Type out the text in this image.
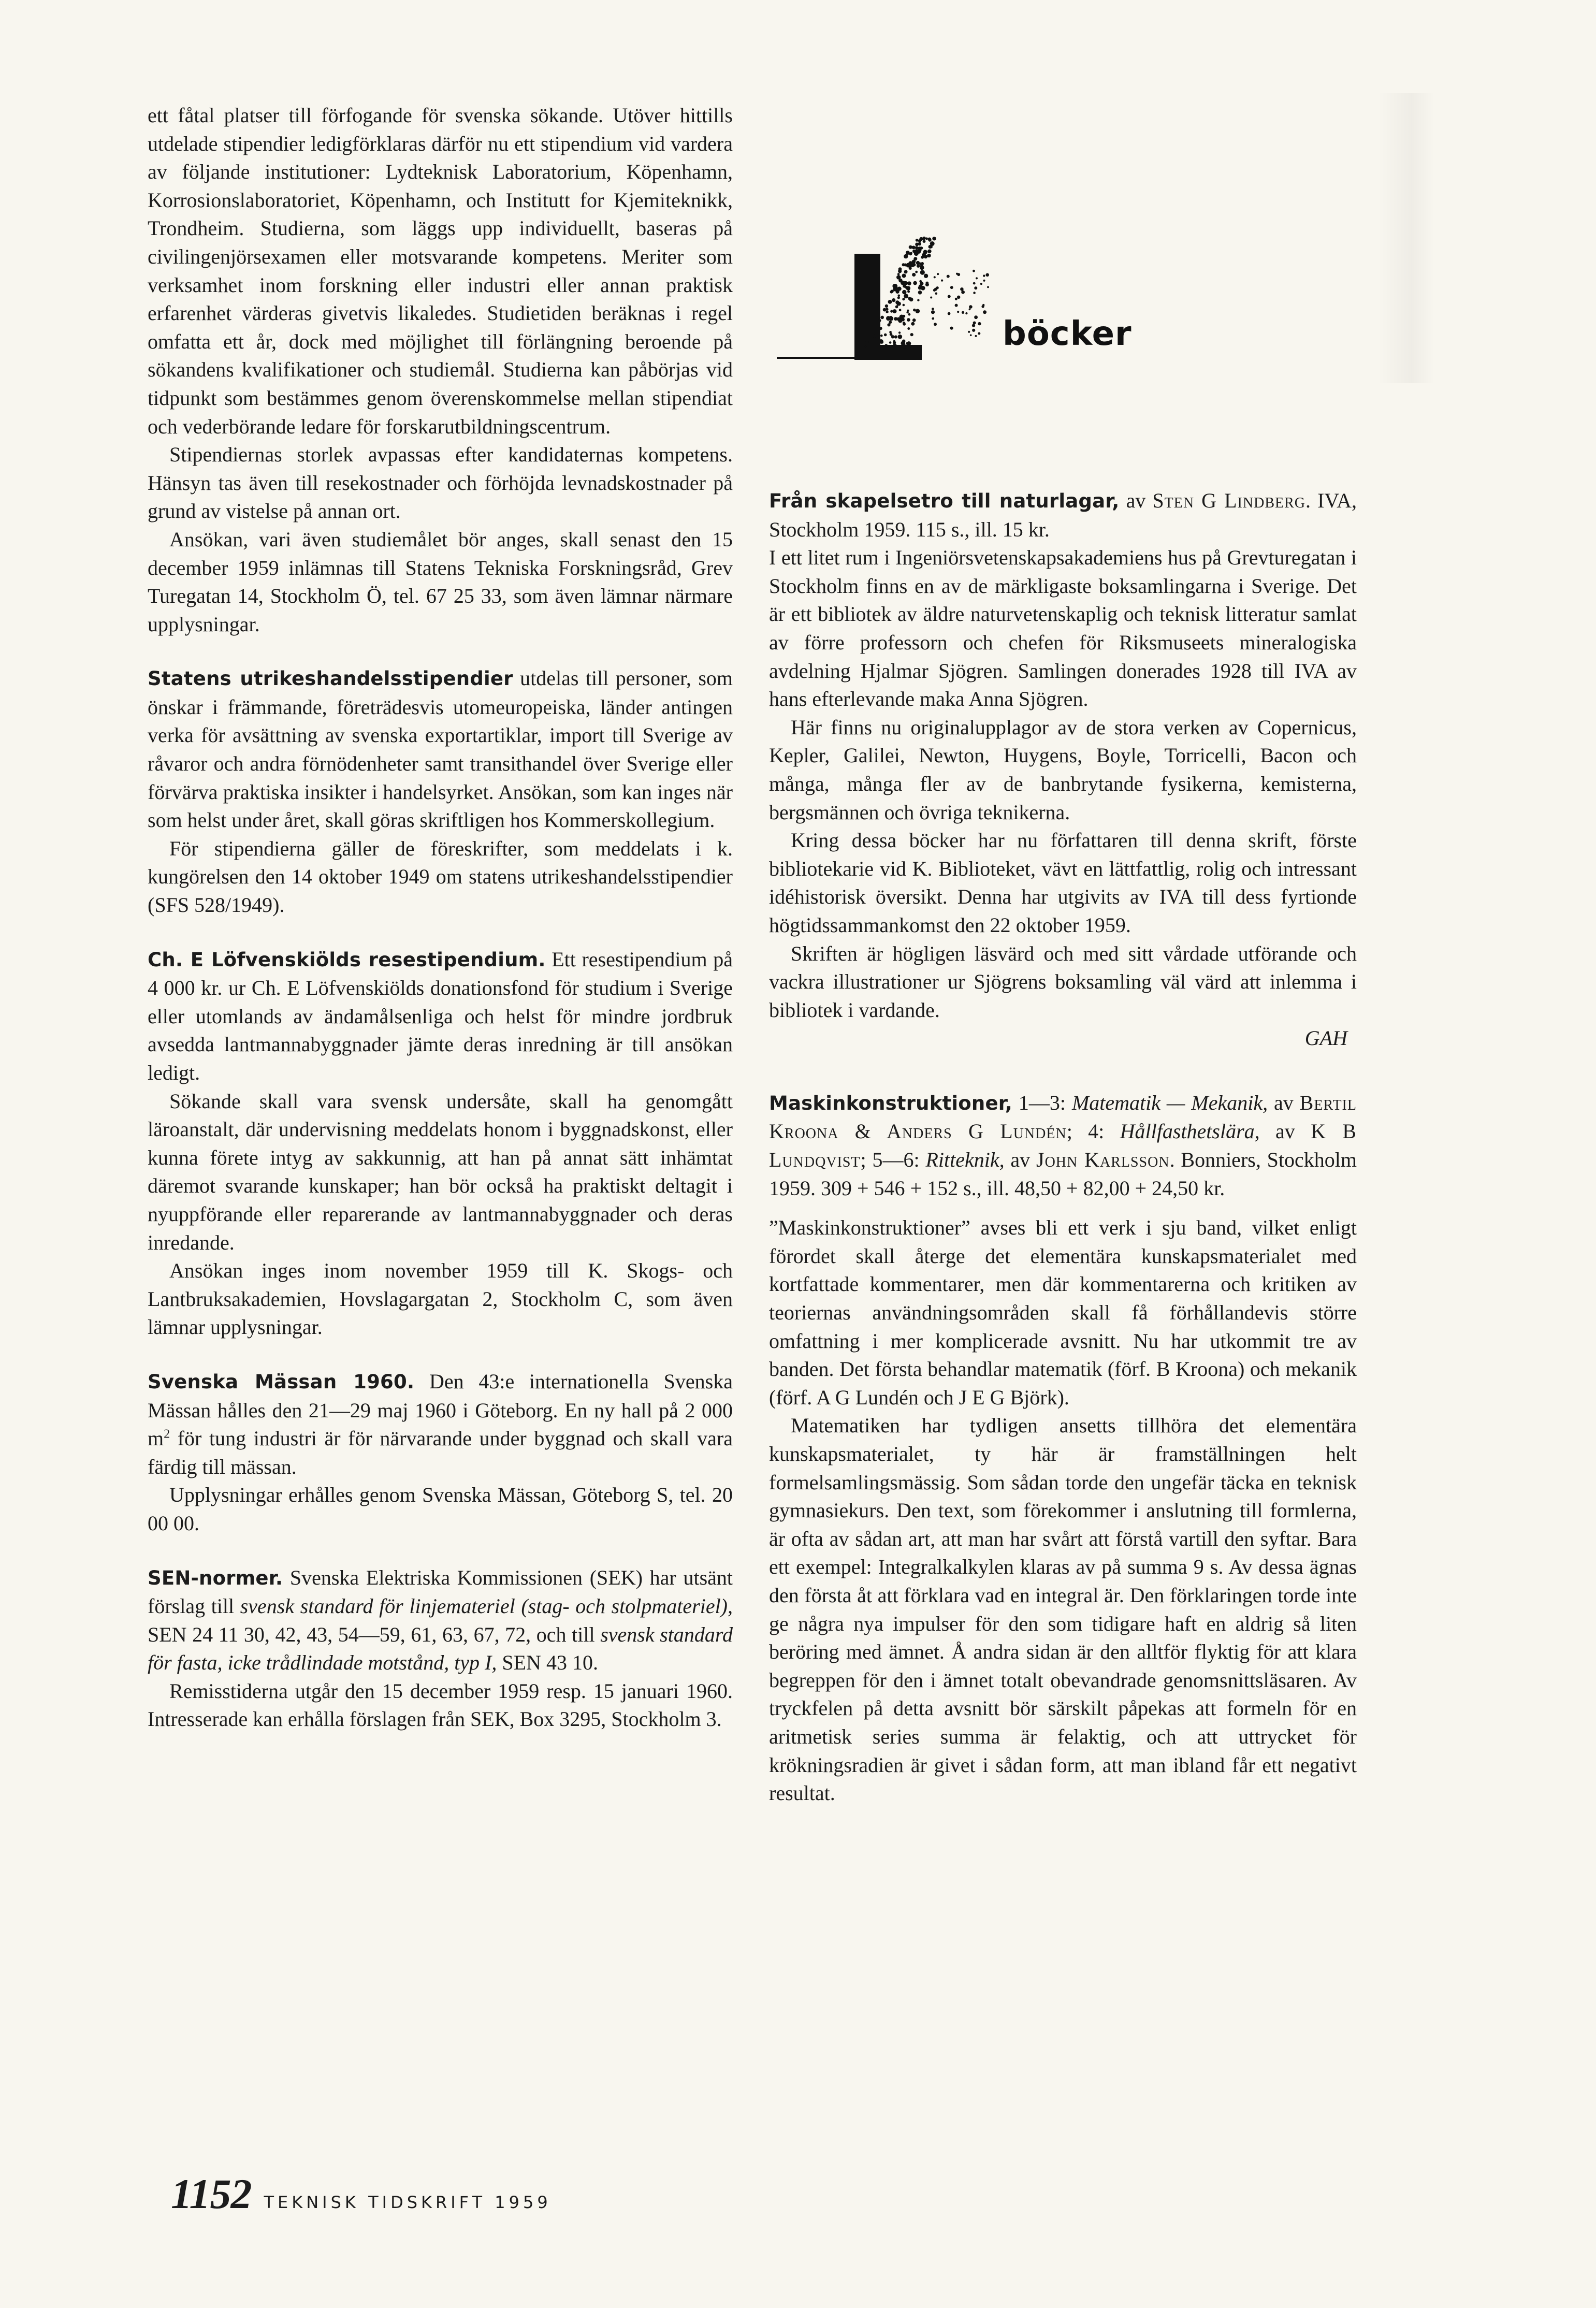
ett fåtal platser till förfogande för svenska sökande. Utöver hittills utdelade stipendier ledigförklaras därför nu ett stipendium vid vardera av följande institutioner: Lydteknisk Laboratorium, Köpenhamn, Korrosionslaboratoriet, Köpenhamn, och Institutt for Kjemiteknikk, Trondheim. Studierna, som läggs upp individuellt, baseras på civilingenjörsexamen eller motsvarande kompetens. Meriter som verksamhet inom forskning eller industri eller annan praktisk erfarenhet värderas givetvis likaledes. Studietiden beräknas i regel omfatta ett år, dock med möjlighet till förlängning beroende på sökandens kvalifikationer och studiemål. Studierna kan påbörjas vid tidpunkt som bestämmes genom överenskommelse mellan stipendiat och vederbörande ledare för forskarutbildningscentrum.

Stipendiernas storlek avpassas efter kandidaternas kompetens. Hänsyn tas även till resekostnader och förhöjda levnadskostnader på grund av vistelse på annan ort.

Ansökan, vari även studiemålet bör anges, skall senast den 15 december 1959 inlämnas till Statens Tekniska Forskningsråd, Grev Turegatan 14, Stockholm Ö, tel. 67 25 33, som även lämnar närmare upplysningar.

Statens utrikeshandelsstipendier utdelas till personer, som önskar i främmande, företrädesvis utomeuropeiska, länder antingen verka för avsättning av svenska exportartiklar, import till Sverige av råvaror och andra förnödenheter samt transithandel över Sverige eller förvärva praktiska insikter i handelsyrket. Ansökan, som kan inges när som helst under året, skall göras skriftligen hos Kommerskollegium.

För stipendierna gäller de föreskrifter, som meddelats i k. kungörelsen den 14 oktober 1949 om statens utrikeshandelsstipendier (SFS 528/1949).

Ch. E Löfvenskiölds resestipendium. Ett resestipendium på 4 000 kr. ur Ch. E Löfvenskiölds donationsfond för studium i Sverige eller utomlands av ändamålsenliga och helst för mindre jordbruk avsedda lantmannabyggnader jämte deras inredning är till ansökan ledigt.

Sökande skall vara svensk undersåte, skall ha genomgått läroanstalt, där undervisning meddelats honom i byggnadskonst, eller kunna förete intyg av sakkunnig, att han på annat sätt inhämtat däremot svarande kunskaper; han bör också ha praktiskt deltagit i nyuppförande eller reparerande av lantmannabyggnader och deras inredande.

Ansökan inges inom november 1959 till K. Skogs- och Lantbruksakademien, Hovslagargatan 2, Stockholm C, som även lämnar upplysningar.

Svenska Mässan 1960. Den 43:e internationella Svenska Mässan hålles den 21—29 maj 1960 i Göteborg. En ny hall på 2 000 $m^2$ för tung industri är för närvarande under byggnad och skall vara färdig till mässan.

Upplysningar erhålles genom Svenska Mässan, Göteborg S, tel. 20 00 00.

SEN-normer. Svenska Elektriska Kommissionen (SEK) har utsänt förslag till svensk standard för linjemateriel (stag- och stolpmateriel), SEN 24 11 30, 42, 43, 54—59, 61, 63, 67, 72, och till svensk standard för fasta, icke trådlindade motstånd, typ I, SEN 43 10.

Remisstiderna utgår den 15 december 1959 resp. 15 januari 1960. Intresserade kan erhålla förslagen från SEK, Box 3295, Stockholm 3.

böcker

Från skapelsetro till naturlagar, av Sten G Lindberg. IVA, Stockholm 1959. 115 s., ill. 15 kr.

I ett litet rum i Ingeniörsvetenskapsakademiens hus på Grevturegatan i Stockholm finns en av de märkligaste boksamlingarna i Sverige. Det är ett bibliotek av äldre naturvetenskaplig och teknisk litteratur samlat av förre professorn och chefen för Riksmuseets mineralogiska avdelning Hjalmar Sjögren. Samlingen donerades 1928 till IVA av hans efterlevande maka Anna Sjögren.

Här finns nu originalupplagor av de stora verken av Copernicus, Kepler, Galilei, Newton, Huygens, Boyle, Torricelli, Bacon och många, många fler av de banbrytande fysikerna, kemisterna, bergsmännen och övriga teknikerna.

Kring dessa böcker har nu författaren till denna skrift, förste bibliotekarie vid K. Biblioteket, vävt en lättfattlig, rolig och intressant idéhistorisk översikt. Denna har utgivits av IVA till dess fyrtionde högtidssammankomst den 22 oktober 1959.

Skriften är högligen läsvärd och med sitt vårdade utförande och vackra illustrationer ur Sjögrens boksamling väl värd att inlemma i bibliotek i vardande.

GAH

Maskinkonstruktioner, 1—3: Matematik — Mekanik, av Bertil Kroona & Anders G Lundén; 4: Hållfasthetslära, av K B Lundqvist; 5—6: Ritteknik, av John Karlsson. Bonniers, Stockholm 1959. 309 + 546 + 152 s., ill. 48,50 + 82,00 + 24,50 kr.

”Maskinkonstruktioner” avses bli ett verk i sju band, vilket enligt förordet skall återge det elementära kunskapsmaterialet med kortfattade kommentarer, men där kommentarerna och kritiken av teoriernas användningsområden skall få förhållandevis större omfattning i mer komplicerade avsnitt. Nu har utkommit tre av banden. Det första behandlar matematik (förf. B Kroona) och mekanik (förf. A G Lundén och J E G Björk).

Matematiken har tydligen ansetts tillhöra det elementära kunskapsmaterialet, ty här är framställningen helt formelsamlingsmässig. Som sådan torde den ungefär täcka en teknisk gymnasiekurs. Den text, som förekommer i anslutning till formlerna, är ofta av sådan art, att man har svårt att förstå vartill den syftar. Bara ett exempel: Integralkalkylen klaras av på summa 9 s. Av dessa ägnas den första åt att förklara vad en integral är. Den förklaringen torde inte ge några nya impulser för den som tidigare haft en aldrig så liten beröring med ämnet. Å andra sidan är den alltför flyktig för att klara begreppen för den i ämnet totalt obevandrade genomsnittsläsaren. Av tryckfelen på detta avsnitt bör särskilt påpekas att formeln för en aritmetisk series summa är felaktig, och att uttrycket för krökningsradien är givet i sådan form, att man ibland får ett negativt resultat.

1152 TEKNISK TIDSKRIFT 1959
